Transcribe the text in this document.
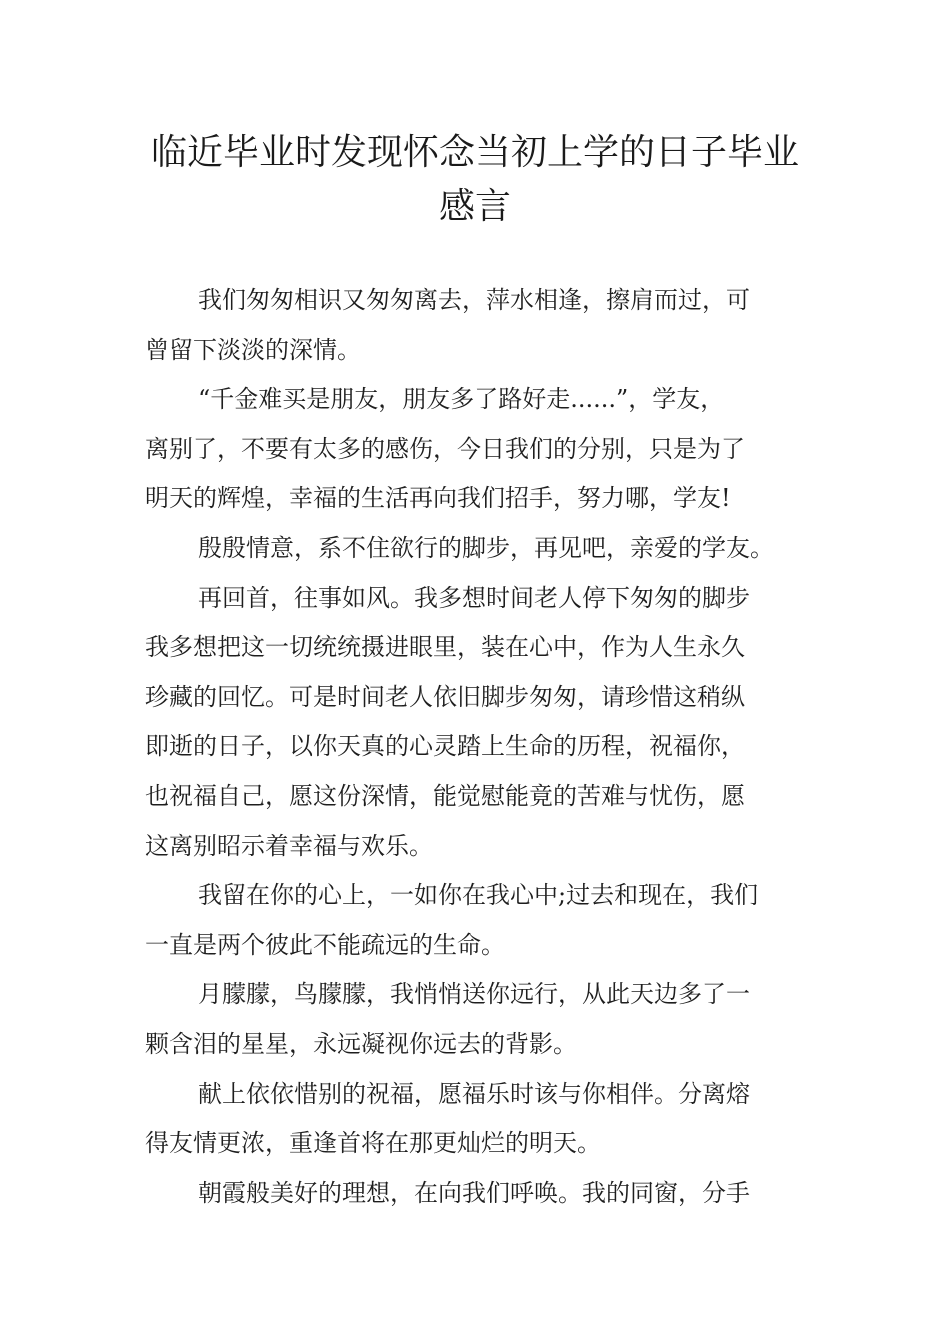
临近毕业时发现怀念当初上学的日子毕业
感言
我们匆匆相识又匆匆离去，萍水相逢，擦肩而过，可
曾留下淡淡的深情。
“千金难买是朋友，朋友多了路好走......”，学友，
离别了，不要有太多的感伤，今日我们的分别，只是为了
明天的辉煌，幸福的生活再向我们招手，努力哪，学友!
殷殷情意，系不住欲行的脚步，再见吧，亲爱的学友。
再回首，往事如风。我多想时间老人停下匆匆的脚步
我多想把这一切统统摄进眼里，装在心中，作为人生永久
珍藏的回忆。可是时间老人依旧脚步匆匆，请珍惜这稍纵
即逝的日子，以你天真的心灵踏上生命的历程，祝福你，
也祝福自己，愿这份深情，能觉慰能竟的苦难与忧伤，愿
这离别昭示着幸福与欢乐。
我留在你的心上，一如你在我心中;过去和现在，我们
一直是两个彼此不能疏远的生命。
月朦朦，鸟朦朦，我悄悄送你远行，从此天边多了一
颗含泪的星星，永远凝视你远去的背影。
献上依依惜别的祝福，愿福乐时该与你相伴。分离熔
得友情更浓，重逢首将在那更灿烂的明天。
朝霞般美好的理想，在向我们呼唤。我的同窗，分手
